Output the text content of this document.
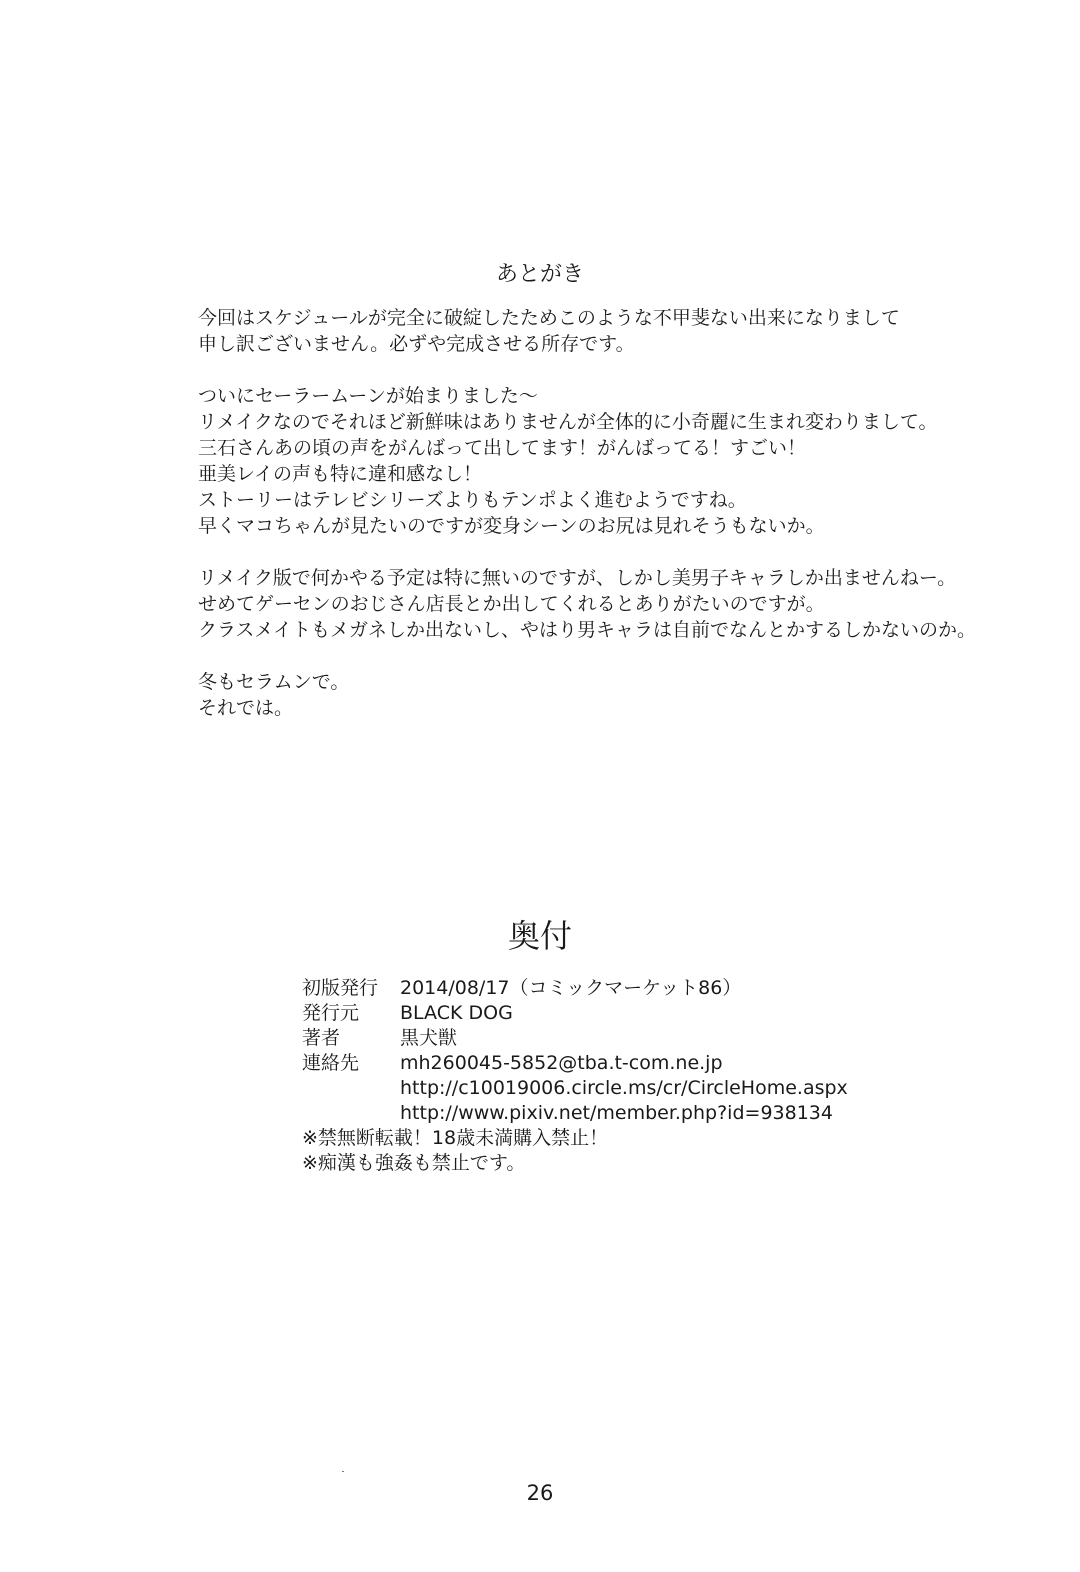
あとがき

今回はスケジュールが完全に破綻したためこのような不甲斐ない出来になりまして
申し訳ございません。必ずや完成させる所存です。

ついにセーラームーンが始まりました～
リメイクなのでそれほど新鮮味はありませんが全体的に小奇麗に生まれ変わりまして。
三石さんあの頃の声をがんばって出してます！がんばってる！すごい！
亜美レイの声も特に違和感なし！
ストーリーはテレビシリーズよりもテンポよく進むようですね。
早くマコちゃんが見たいのですが変身シーンのお尻は見れそうもないか。

リメイク版で何かやる予定は特に無いのですが、しかし美男子キャラしか出ませんねー。
せめてゲーセンのおじさん店長とか出してくれるとありがたいのですが。
クラスメイトもメガネしか出ないし、やはり男キャラは自前でなんとかするしかないのか。

冬もセラムンで。
それでは。

奥付
初版発行	2014/08/17（コミックマーケット86）
発行元	BLACK DOG
著者	黒犬獣
連絡先	mh260045-5852@tba.t-com.ne.jp
http://c10019006.circle.ms/cr/CircleHome.aspx
http://www.pixiv.net/member.php?id=938134
※禁無断転載！18歳未満購入禁止！
※痴漢も強姦も禁止です。
26
